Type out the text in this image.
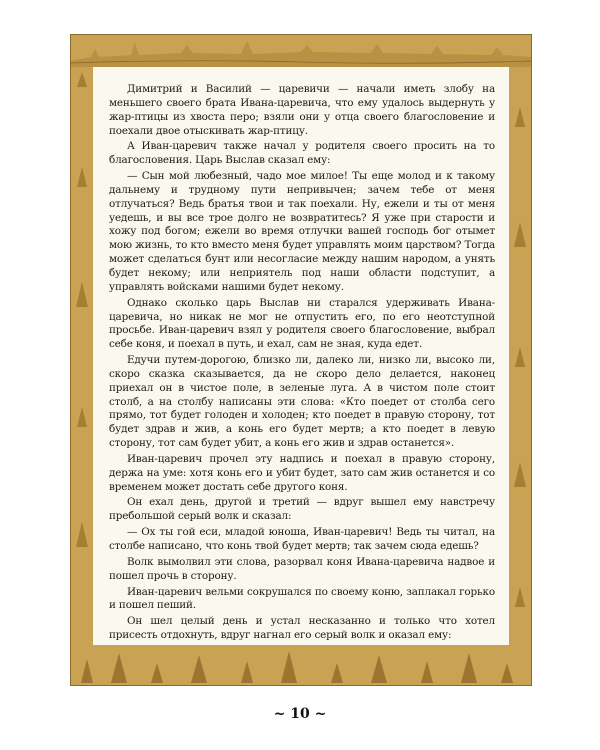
Димитрий и Василий — царевичи — начали иметь злобу на меньшего своего брата Ивана-царевича, что ему удалось выдернуть у жар-птицы из хвоста перо; взяли они у отца своего благословение и поехали двое отыскивать жар-птицу.

А Иван-царевич также начал у родителя своего просить на то благословения. Царь Выслав сказал ему:

— Сын мой любезный, чадо мое милое! Ты еще молод и к такому дальнему и трудному пути непривычен; зачем тебе от меня отлучаться? Ведь братья твои и так поехали. Ну, ежели и ты от меня уедешь, и вы все трое долго не возвратитесь? Я уже при старости и хожу под богом; ежели во время отлучки вашей господь бог отымет мою жизнь, то кто вместо меня будет управлять моим царством? Тогда может сделаться бунт или несогласие между нашим народом, а унять будет некому; или неприятель под наши области подступит, а управлять войсками нашими будет некому.

Однако сколько царь Выслав ни старался удерживать Ивана-царевича, но никак не мог не отпустить его, по его неотступной просьбе. Иван-царевич взял у родителя своего благословение, выбрал себе коня, и поехал в путь, и ехал, сам не зная, куда едет.

Едучи путем-дорогою, близко ли, далеко ли, низко ли, высоко ли, скоро сказка сказывается, да не скоро дело делается, наконец приехал он в чистое поле, в зеленые луга. А в чистом поле стоит столб, а на столбу написаны эти слова: «Кто поедет от столба сего прямо, тот будет голоден и холоден; кто поедет в правую сторону, тот будет здрав и жив, а конь его будет мертв; а кто поедет в левую сторону, тот сам будет убит, а конь его жив и здрав останется».

Иван-царевич прочел эту надпись и поехал в правую сторону, держа на уме: хотя конь его и убит будет, зато сам жив останется и со временем может достать себе другого коня.

Он ехал день, другой и третий — вдруг вышел ему навстречу пребольшой серый волк и сказал:

— Ох ты гой еси, младой юноша, Иван-царевич! Ведь ты читал, на столбе написано, что конь твой будет мертв; так зачем сюда едешь?

Волк вымолвил эти слова, разорвал коня Ивана-царевича надвое и пошел прочь в сторону.

Иван-царевич вельми сокрушался по своему коню, заплакал горько и пошел пеший.

Он шел целый день и устал несказанно и только что хотел присесть отдохнуть, вдруг нагнал его серый волк и оказал ему:

~ 10 ~
